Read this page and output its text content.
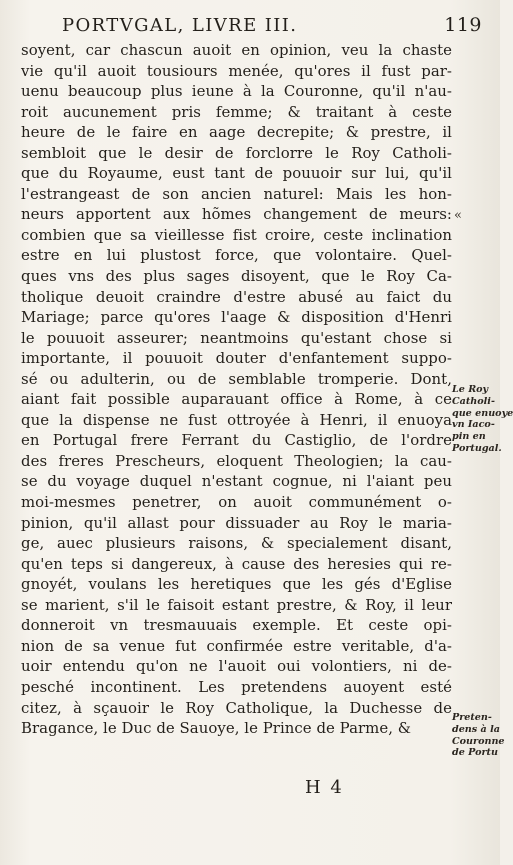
PORTVGAL, LIVRE III.	119
soyent, car chascun auoit en opinion, veu la chaste
vie qu'il auoit tousiours menée, qu'ores il fust par-
uenu beaucoup plus ieune à la Couronne, qu'il n'au-
roit aucunement pris femme; & traitant à ceste
heure de le faire en aage decrepite; & prestre, il
sembloit que le desir de forclorre le Roy Catholi-
que du Royaume, eust tant de pouuoir sur lui, qu'il
l'estrangeast de son ancien naturel: Mais les hon-
neurs apportent aux hõmes changement de meurs:
combien que sa vieillesse fist croire, ceste inclination
estre en lui plustost force, que volontaire. Quel-
ques vns des plus sages disoyent, que le Roy Ca-
tholique deuoit craindre d'estre abusé au faict du
Mariage; parce qu'ores l'aage & disposition d'Henri
le pouuoit asseurer; neantmoins qu'estant chose si
importante, il pouuoit douter d'enfantement suppo-
sé ou adulterin, ou de semblable tromperie. Dont,
aiant fait possible auparauant office à Rome, à ce
que la dispense ne fust ottroyée à Henri, il enuoya
en Portugal frere Ferrant du Castiglio, de l'ordre
des freres Prescheurs, eloquent Theologien; la cau-
se du voyage duquel n'estant cognue, ni l'aiant peu
moi-mesmes penetrer, on auoit communément o-
pinion, qu'il allast pour dissuader au Roy le maria-
ge, auec plusieurs raisons, & specialement disant,
qu'en teps si dangereux, à cause des heresies qui re-
gnoyét, voulans les heretiques que les gés d'Eglise
se marient, s'il le faisoit estant prestre, & Roy, il leur
donneroit vn tresmauuais exemple. Et ceste opi-
nion de sa venue fut confirmée estre veritable, d'a-
uoir entendu qu'on ne l'auoit oui volontiers, ni de-
pesché incontinent. Les pretendens auoyent esté
citez, à sçauoir le Roy Catholique, la Duchesse de
Bragance, le Duc de Sauoye, le Prince de Parme, &
«
Le Roy
Catholi-
que enuoye
vn Iaco-
pin en
Portugal.
Preten-
dens à la
Couronne
de Portu
H 4
